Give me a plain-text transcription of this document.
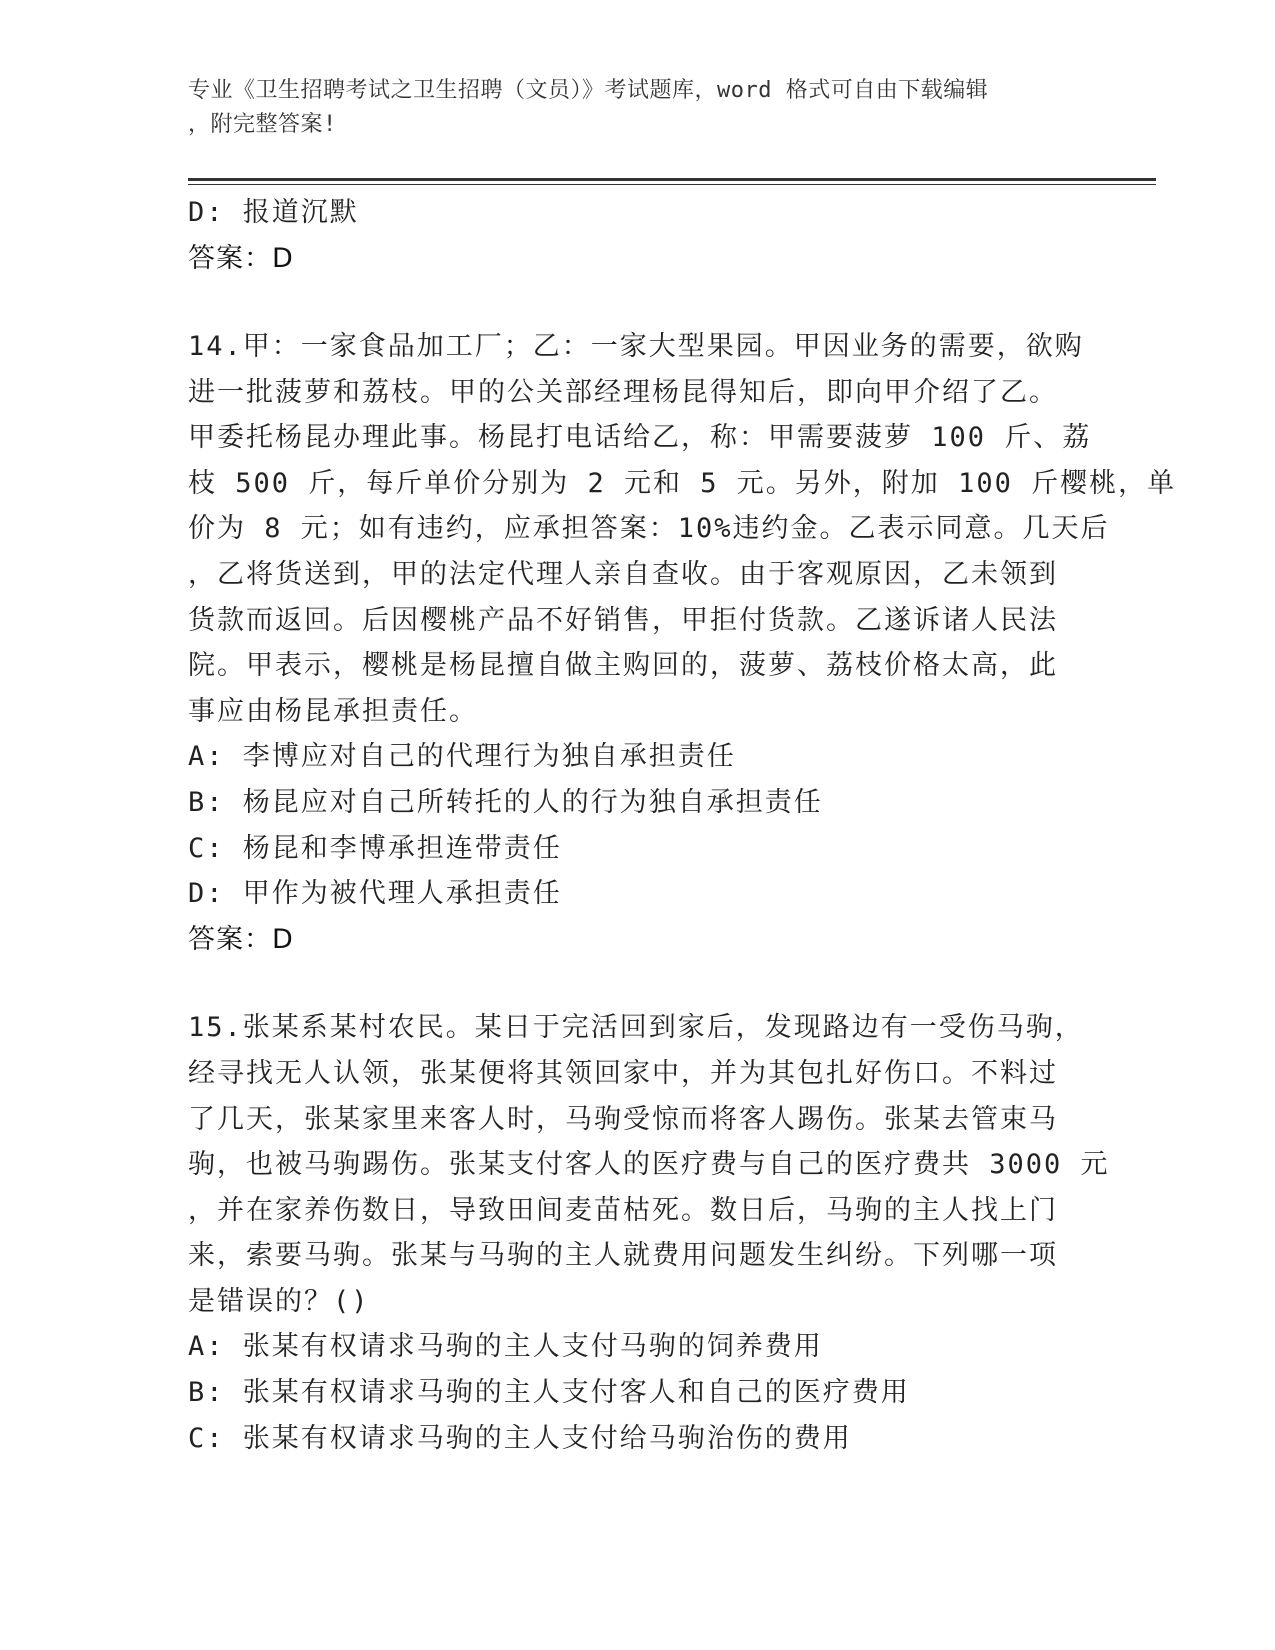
专业《卫生招聘考试之卫生招聘（文员）》考试题库，word 格式可自由下载编辑
，附完整答案!
D: 报道沉默
答案：D
14.甲：一家食品加工厂；乙：一家大型果园。甲因业务的需要，欲购
进一批菠萝和荔枝。甲的公关部经理杨昆得知后，即向甲介绍了乙。
甲委托杨昆办理此事。杨昆打电话给乙，称：甲需要菠萝 100 斤、荔
枝 500 斤，每斤单价分别为 2 元和 5 元。另外，附加 100 斤樱桃，单
价为 8 元；如有违约，应承担答案：10%违约金。乙表示同意。几天后
，乙将货送到，甲的法定代理人亲自查收。由于客观原因，乙未领到
货款而返回。后因樱桃产品不好销售，甲拒付货款。乙遂诉诸人民法
院。甲表示，樱桃是杨昆擅自做主购回的，菠萝、荔枝价格太高，此
事应由杨昆承担责任。
A: 李博应对自己的代理行为独自承担责任
B: 杨昆应对自己所转托的人的行为独自承担责任
C: 杨昆和李博承担连带责任
D: 甲作为被代理人承担责任
答案：D
15.张某系某村农民。某日于完活回到家后，发现路边有一受伤马驹，
经寻找无人认领，张某便将其领回家中，并为其包扎好伤口。不料过
了几天，张某家里来客人时，马驹受惊而将客人踢伤。张某去管束马
驹，也被马驹踢伤。张某支付客人的医疗费与自己的医疗费共 3000 元
，并在家养伤数日，导致田间麦苗枯死。数日后，马驹的主人找上门
来，索要马驹。张某与马驹的主人就费用问题发生纠纷。下列哪一项
是错误的？()
A: 张某有权请求马驹的主人支付马驹的饲养费用
B: 张某有权请求马驹的主人支付客人和自己的医疗费用
C: 张某有权请求马驹的主人支付给马驹治伤的费用
